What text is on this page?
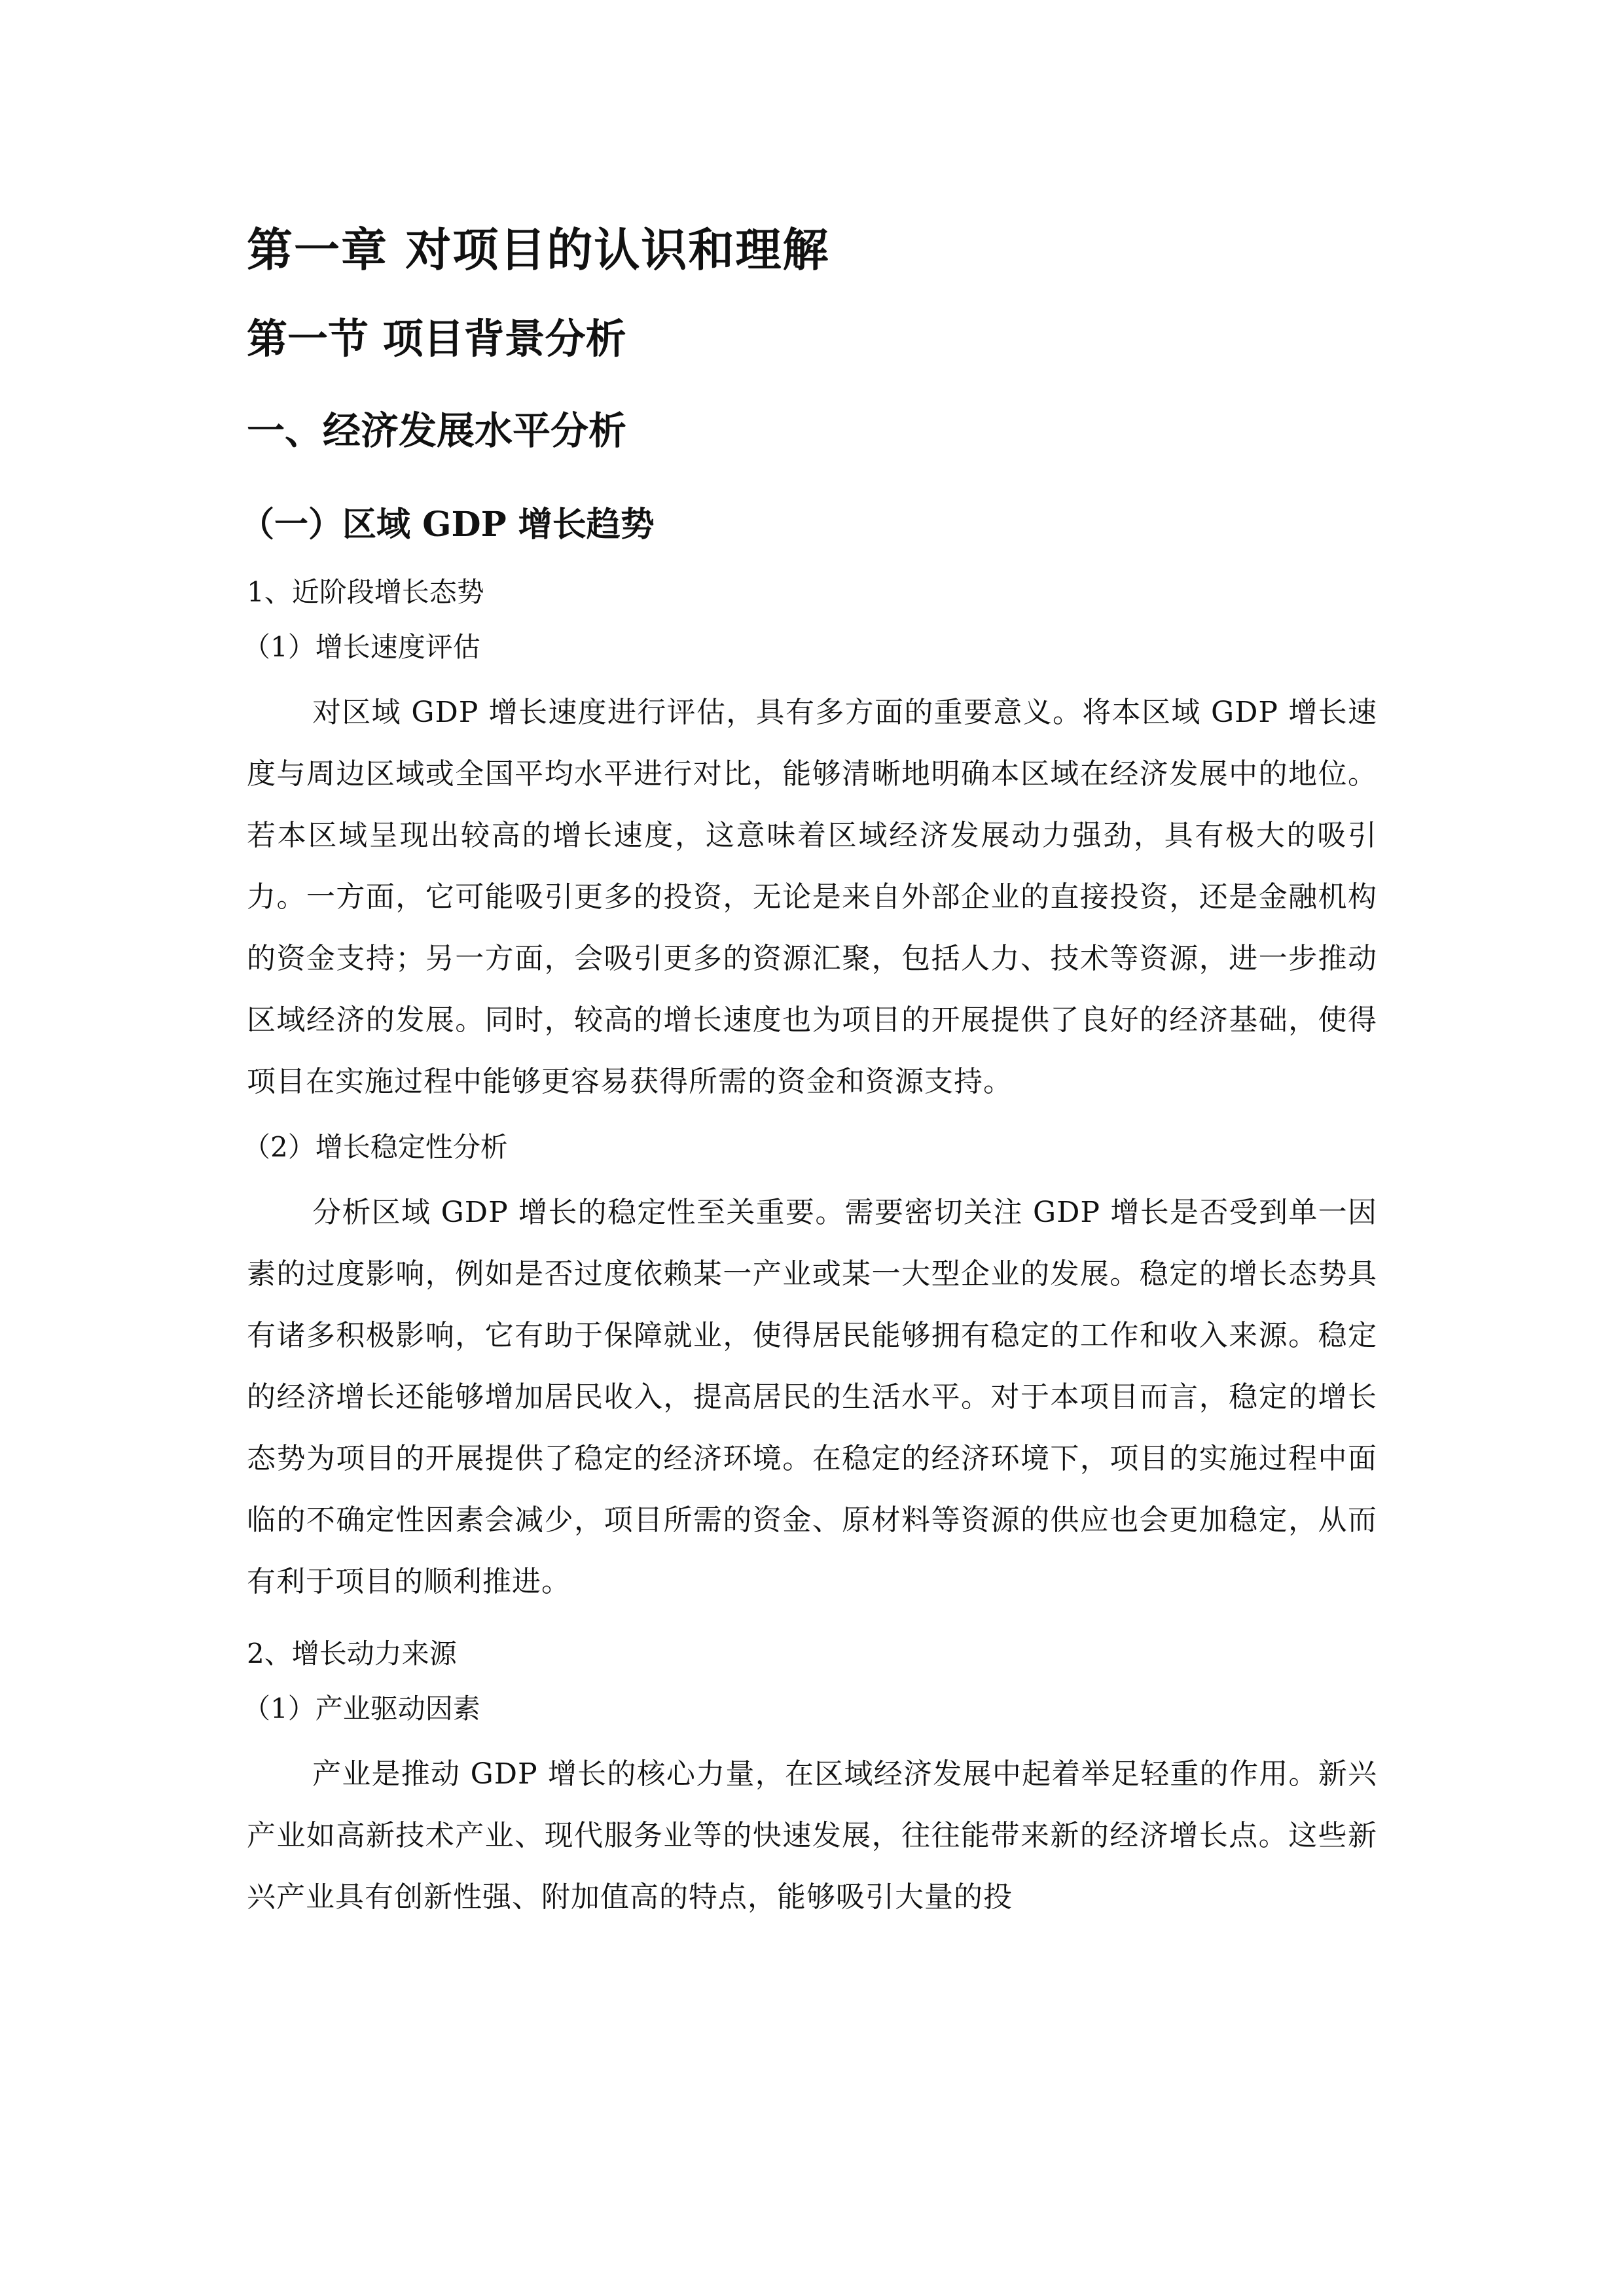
第一章 对项目的认识和理解
第一节 项目背景分析
一、经济发展水平分析
（一）区域 GDP 增长趋势
1、近阶段增长态势
（1）增长速度评估

对区域 GDP 增长速度进行评估，具有多方面的重要意义。将本区域 GDP 增长速度与周边区域或全国平均水平进行对比，能够清晰地明确本区域在经济发展中的地位。若本区域呈现出较高的增长速度，这意味着区域经济发展动力强劲，具有极大的吸引力。一方面，它可能吸引更多的投资，无论是来自外部企业的直接投资，还是金融机构的资金支持；另一方面，会吸引更多的资源汇聚，包括人力、技术等资源，进一步推动区域经济的发展。同时，较高的增长速度也为项目的开展提供了良好的经济基础，使得项目在实施过程中能够更容易获得所需的资金和资源支持。

（2）增长稳定性分析

分析区域 GDP 增长的稳定性至关重要。需要密切关注 GDP 增长是否受到单一因素的过度影响，例如是否过度依赖某一产业或某一大型企业的发展。稳定的增长态势具有诸多积极影响，它有助于保障就业，使得居民能够拥有稳定的工作和收入来源。稳定的经济增长还能够增加居民收入，提高居民的生活水平。对于本项目而言，稳定的增长态势为项目的开展提供了稳定的经济环境。在稳定的经济环境下，项目的实施过程中面临的不确定性因素会减少，项目所需的资金、原材料等资源的供应也会更加稳定，从而有利于项目的顺利推进。

2、增长动力来源
（1）产业驱动因素

产业是推动 GDP 增长的核心力量，在区域经济发展中起着举足轻重的作用。新兴产业如高新技术产业、现代服务业等的快速发展，往往能带来新的经济增长点。这些新兴产业具有创新性强、附加值高的特点，能够吸引大量的投
